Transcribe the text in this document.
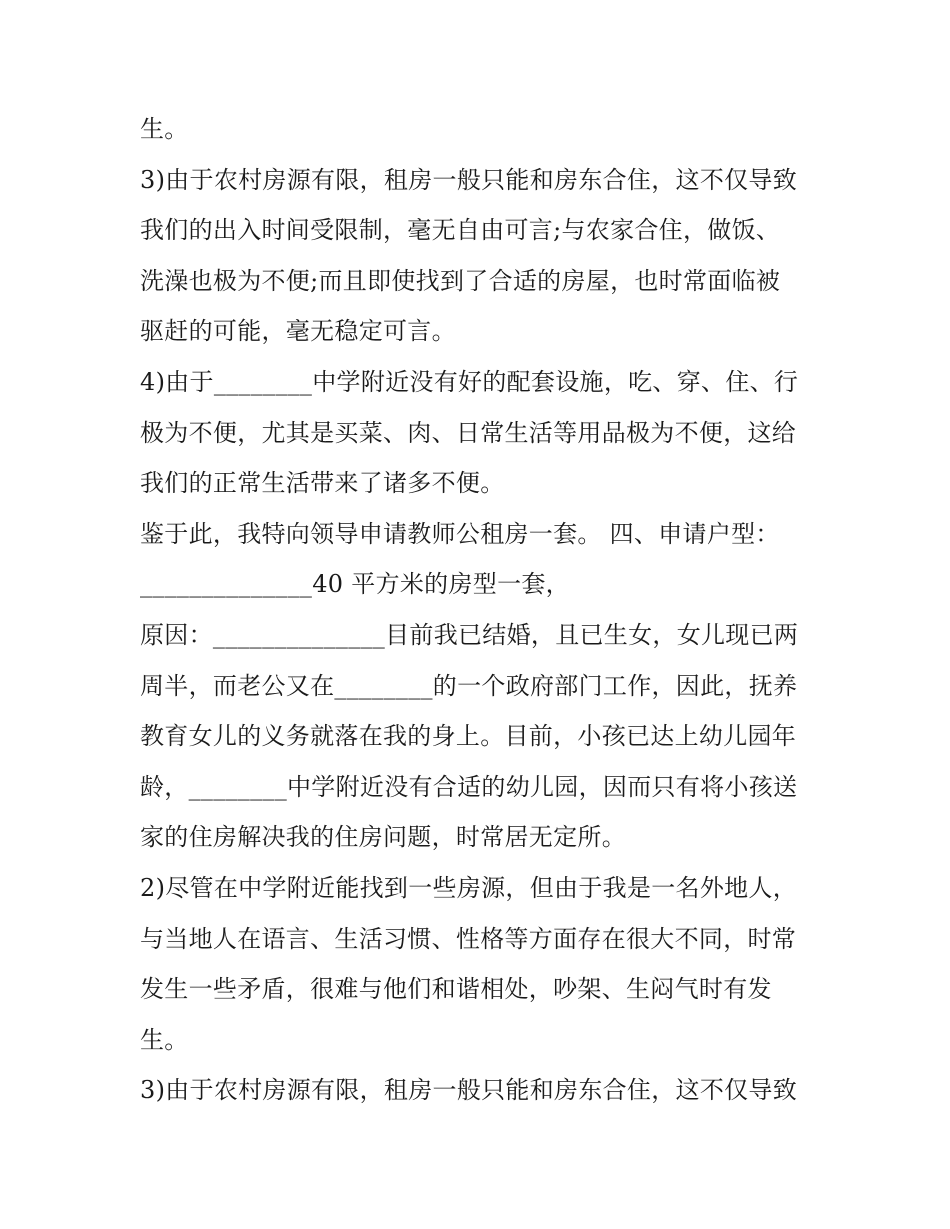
生。
3)由于农村房源有限，租房一般只能和房东合住，这不仅导致
我们的出入时间受限制，毫无自由可言;与农家合住，做饭、
洗澡也极为不便;而且即使找到了合适的房屋，也时常面临被
驱赶的可能，毫无稳定可言。
4)由于________中学附近没有好的配套设施，吃、穿、住、行
极为不便，尤其是买菜、肉、日常生活等用品极为不便，这给
我们的正常生活带来了诸多不便。
鉴于此，我特向领导申请教师公租房一套。 四、申请户型：
______________40 平方米的房型一套，
原因：______________目前我已结婚，且已生女，女儿现已两
周半，而老公又在________的一个政府部门工作，因此，抚养
教育女儿的义务就落在我的身上。目前，小孩已达上幼儿园年
龄，________中学附近没有合适的幼儿园，因而只有将小孩送
家的住房解决我的住房问题，时常居无定所。
2)尽管在中学附近能找到一些房源，但由于我是一名外地人，
与当地人在语言、生活习惯、性格等方面存在很大不同，时常
发生一些矛盾，很难与他们和谐相处，吵架、生闷气时有发
生。
3)由于农村房源有限，租房一般只能和房东合住，这不仅导致
